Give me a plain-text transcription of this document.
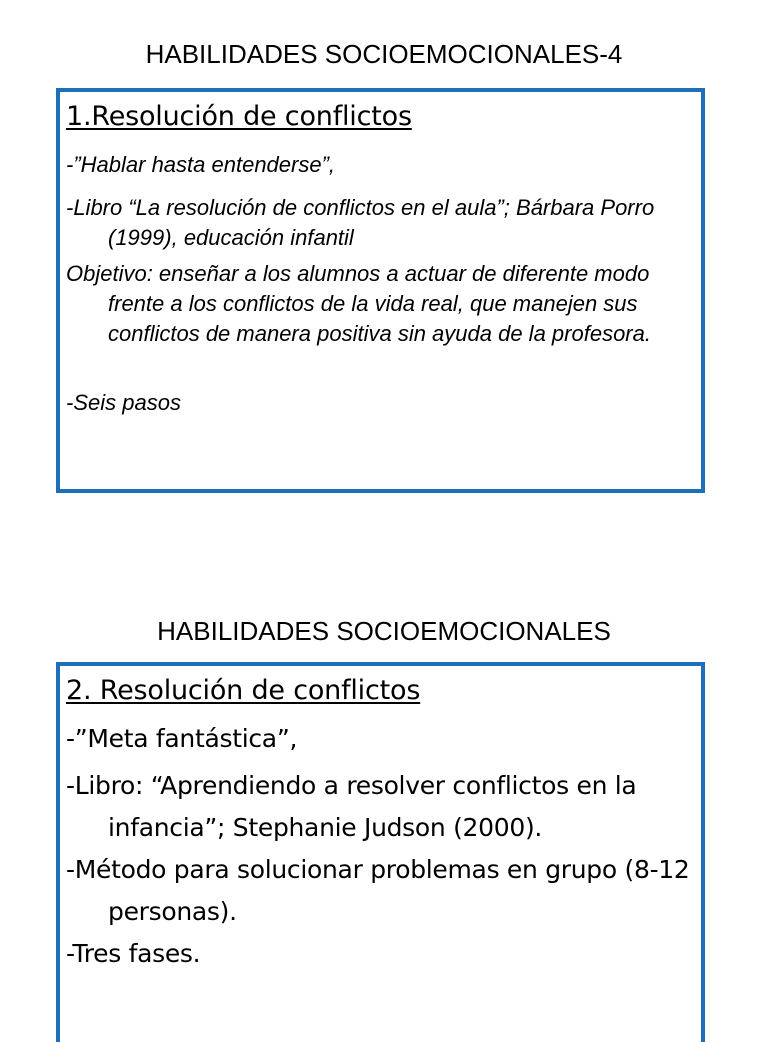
HABILIDADES SOCIOEMOCIONALES-4
1.Resolución de conflictos

-”Hablar hasta entenderse”,

-Libro “La resolución de conflictos en el aula”; Bárbara Porro (1999), educación infantil

Objetivo: enseñar a los alumnos a actuar de diferente modo frente a los conflictos de la vida real, que manejen sus conflictos de manera positiva sin ayuda de la profesora.

-Seis pasos

HABILIDADES SOCIOEMOCIONALES
2. Resolución de conflictos

-”Meta fantástica”,

-Libro: “Aprendiendo a resolver conflictos en la infancia”; Stephanie Judson (2000).

-Método para solucionar problemas en grupo (8-12 personas).

-Tres fases.
